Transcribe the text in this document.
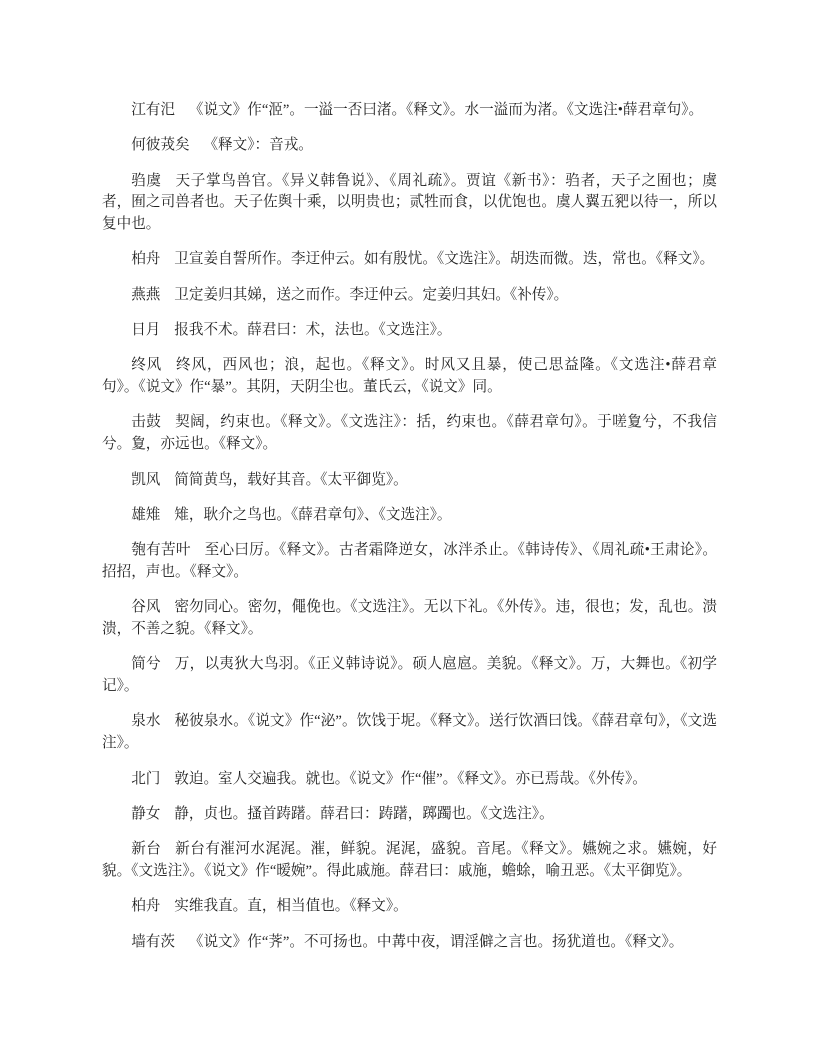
江有汜 《说文》作“洍”。一溢一否曰渚。《释文》。水一溢而为渚。《文选注•薛君章句》。

何彼茙矣 《释文》：音戎。

驺虞 天子掌鸟兽官。《异义韩鲁说》、《周礼疏》。贾谊《新书》：驺者，天子之囿也；虞者，囿之司兽者也。天子佐舆十乘，以明贵也；贰牲而食，以优饱也。虞人翼五豝以待一，所以复中也。

柏舟 卫宣姜自誓所作。李迂仲云。如有殷忧。《文选注》。胡迭而微。迭，常也。《释文》。

燕燕 卫定姜归其娣，送之而作。李迂仲云。定姜归其妇。《补传》。

日月 报我不术。薛君曰：术，法也。《文选注》。

终风 终风，西风也；浪，起也。《释文》。时风又且暴，使己思益隆。《文选注•薛君章句》。《说文》作“暴”。其阴，天阴尘也。董氏云，《说文》同。

击鼓 契阔，约束也。《释文》。《文选注》：括，约束也。《薛君章句》。于嗟夐兮，不我信兮。夐，亦远也。《释文》。

凯风 简简黄鸟，载好其音。《太平御览》。

雄雉 雉，耿介之鸟也。《薛君章句》、《文选注》。

匏有苦叶 至心曰厉。《释文》。古者霜降逆女，冰泮杀止。《韩诗传》、《周礼疏•王肃论》。招招，声也。《释文》。

谷风 密勿同心。密勿，僶俛也。《文选注》。无以下礼。《外传》。违，很也；发，乱也。溃溃，不善之貌。《释文》。

简兮 万，以夷狄大鸟羽。《正义韩诗说》。硕人扈扈。美貌。《释文》。万，大舞也。《初学记》。

泉水 秘彼泉水。《说文》作“泌”。饮饯于坭。《释文》。送行饮酒曰饯。《薛君章句》，《文选注》。

北门 敦迫。室人交遍我。就也。《说文》作“催”。《释文》。亦已焉哉。《外传》。

静女 静，贞也。搔首踌躇。薛君曰：踌躇，踯躅也。《文选注》。

新台 新台有漼河水浘浘。漼，鲜貌。浘浘，盛貌。音尾。《释文》。嬿婉之求。嬿婉，好貌。《文选注》。《说文》作“暧婉”。得此戚施。薛君曰：戚施，蟾蜍，喻丑恶。《太平御览》。

柏舟 实维我直。直，相当值也。《释文》。

墙有茨 《说文》作“荠”。不可扬也。中冓中夜，谓淫僻之言也。扬犹道也。《释文》。
